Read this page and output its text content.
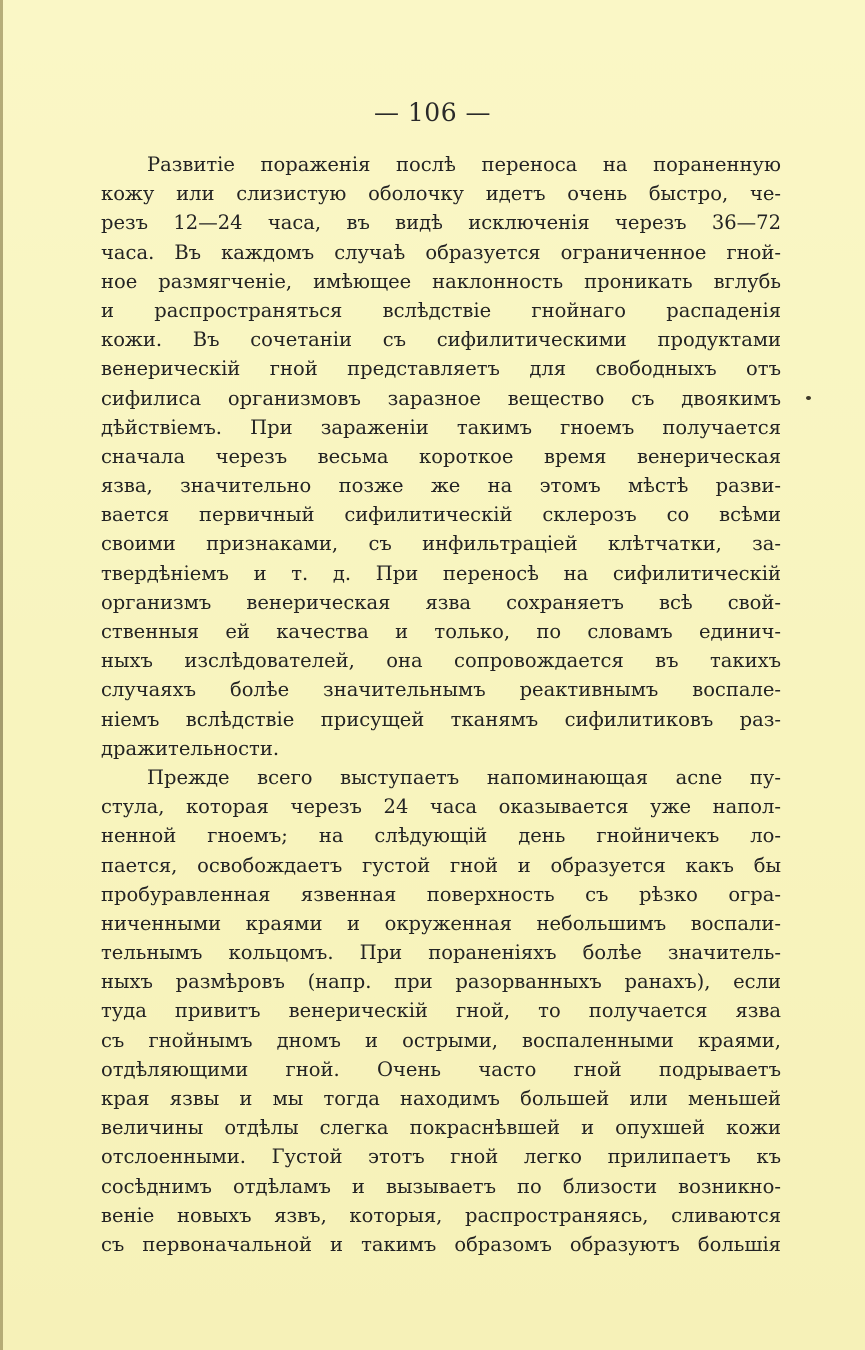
— 106 —
Развитіе пораженія послѣ переноса на пораненную
кожу или слизистую оболочку идетъ очень быстро, че-
резъ 12—24 часа, въ видѣ исключенія черезъ 36—72
часа. Въ каждомъ случаѣ образуется ограниченное гной-
ное размягченіе, имѣющее наклонность проникать вглубь
и распространяться вслѣдствіе гнойнаго распаденія
кожи. Въ сочетаніи съ сифилитическими продуктами
венерическій гной представляетъ для свободныхъ отъ
сифилиса организмовъ заразное вещество съ двоякимъ
дѣйствіемъ. При зараженіи такимъ гноемъ получается
сначала черезъ весьма короткое время венерическая
язва, значительно позже же на этомъ мѣстѣ разви-
вается первичный сифилитическій склерозъ со всѣми
своими признаками, съ инфильтраціей клѣтчатки, за-
твердѣніемъ и т. д. При переносѣ на сифилитическій
организмъ венерическая язва сохраняетъ всѣ свой-
ственныя ей качества и только, по словамъ единич-
ныхъ изслѣдователей, она сопровождается въ такихъ
случаяхъ болѣе значительнымъ реактивнымъ воспале-
ніемъ вслѣдствіе присущей тканямъ сифилитиковъ раз-
дражительности.
Прежде всего выступаетъ напоминающая acne пу-
стула, которая черезъ 24 часа оказывается уже напол-
ненной гноемъ; на слѣдующій день гнойничекъ ло-
пается, освобождаетъ густой гной и образуется какъ бы
пробуравленная язвенная поверхность съ рѣзко огра-
ниченными краями и окруженная небольшимъ воспали-
тельнымъ кольцомъ. При пораненіяхъ болѣе значитель-
ныхъ размѣровъ (напр. при разорванныхъ ранахъ), если
туда привитъ венерическій гной, то получается язва
съ гнойнымъ дномъ и острыми, воспаленными краями,
отдѣляющими гной. Очень часто гной подрываетъ
края язвы и мы тогда находимъ большей или меньшей
величины отдѣлы слегка покраснѣвшей и опухшей кожи
отслоенными. Густой этотъ гной легко прилипаетъ къ
сосѣднимъ отдѣламъ и вызываетъ по близости возникно-
веніе новыхъ язвъ, которыя, распространяясь, сливаются
съ первоначальной и такимъ образомъ образуютъ большія
